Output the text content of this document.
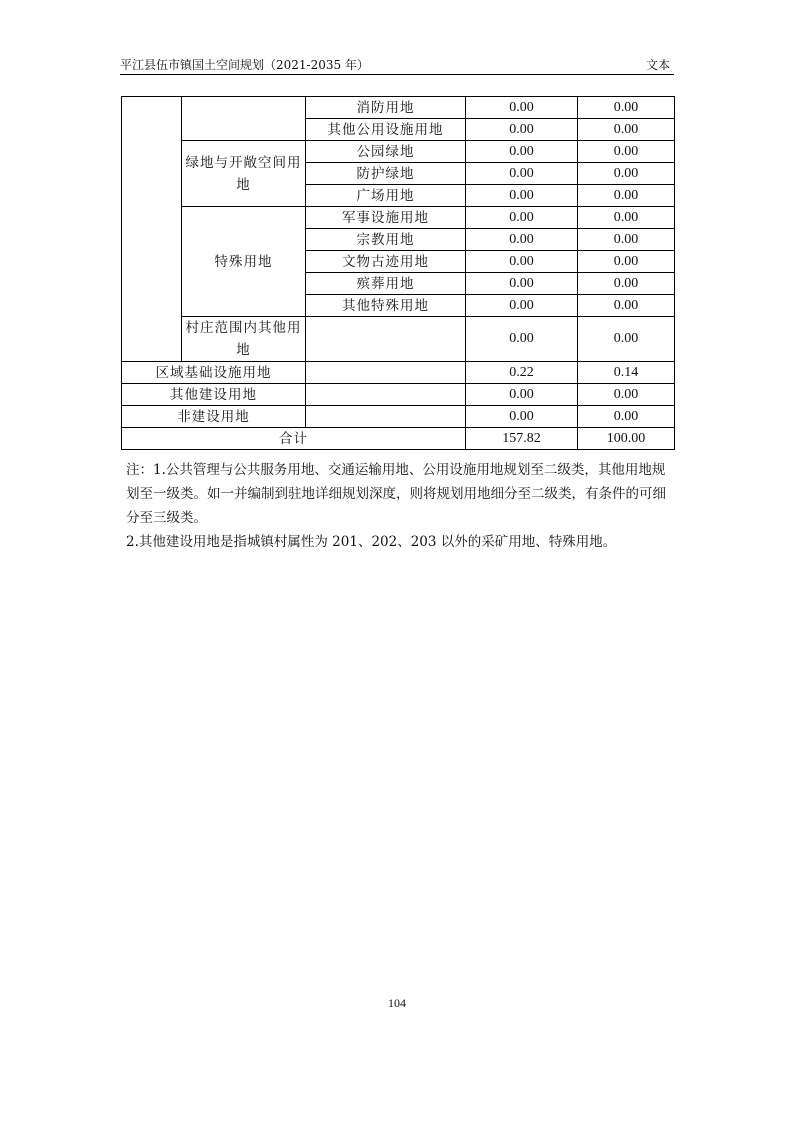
平江县伍市镇国土空间规划（2021-2035 年）	文本
		消防用地	0.00	0.00
		其他公用设施用地	0.00	0.00
	绿地与开敞空间用地	公园绿地	0.00	0.00
		防护绿地	0.00	0.00
		广场用地	0.00	0.00
	特殊用地	军事设施用地	0.00	0.00
		宗教用地	0.00	0.00
		文物古迹用地	0.00	0.00
		殡葬用地	0.00	0.00
		其他特殊用地	0.00	0.00
	村庄范围内其他用地		0.00	0.00
区域基础设施用地			0.22	0.14
其他建设用地			0.00	0.00
非建设用地			0.00	0.00
合计			157.82	100.00

注：1.公共管理与公共服务用地、交通运输用地、公用设施用地规划至二级类，其他用地规划至一级类。如一并编制到驻地详细规划深度，则将规划用地细分至二级类，有条件的可细分至三级类。

2.其他建设用地是指城镇村属性为 201、202、203 以外的采矿用地、特殊用地。

104
